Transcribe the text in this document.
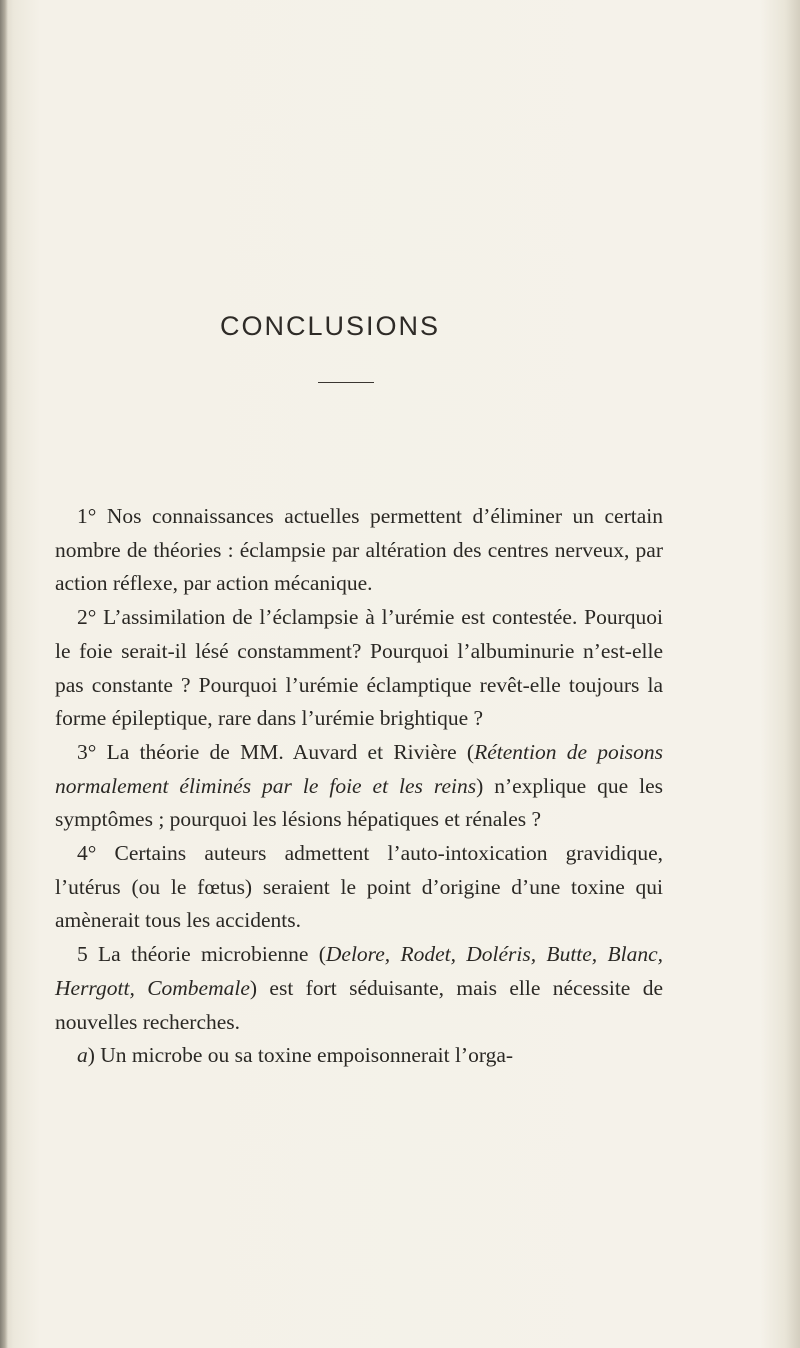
CONCLUSIONS

1° Nos connaissances actuelles permettent d’éliminer un certain nombre de théories : éclampsie par altération des centres nerveux, par action réflexe, par action mécanique.

2° L’assimilation de l’éclampsie à l’urémie est contestée. Pourquoi le foie serait-il lésé constamment? Pourquoi l’albuminurie n’est-elle pas constante ? Pourquoi l’urémie éclamptique revêt-elle toujours la forme épileptique, rare dans l’urémie brightique ?

3° La théorie de MM. Auvard et Rivière (Rétention de poisons normalement éliminés par le foie et les reins) n’explique que les symptômes ; pourquoi les lésions hépatiques et rénales ?

4° Certains auteurs admettent l’auto-intoxication gravidique, l’utérus (ou le fœtus) seraient le point d’origine d’une toxine qui amènerait tous les accidents.

5 La théorie microbienne (Delore, Rodet, Doléris, Butte, Blanc, Herrgott, Combemale) est fort séduisante, mais elle nécessite de nouvelles recherches.

a) Un microbe ou sa toxine empoisonnerait l’orga-
